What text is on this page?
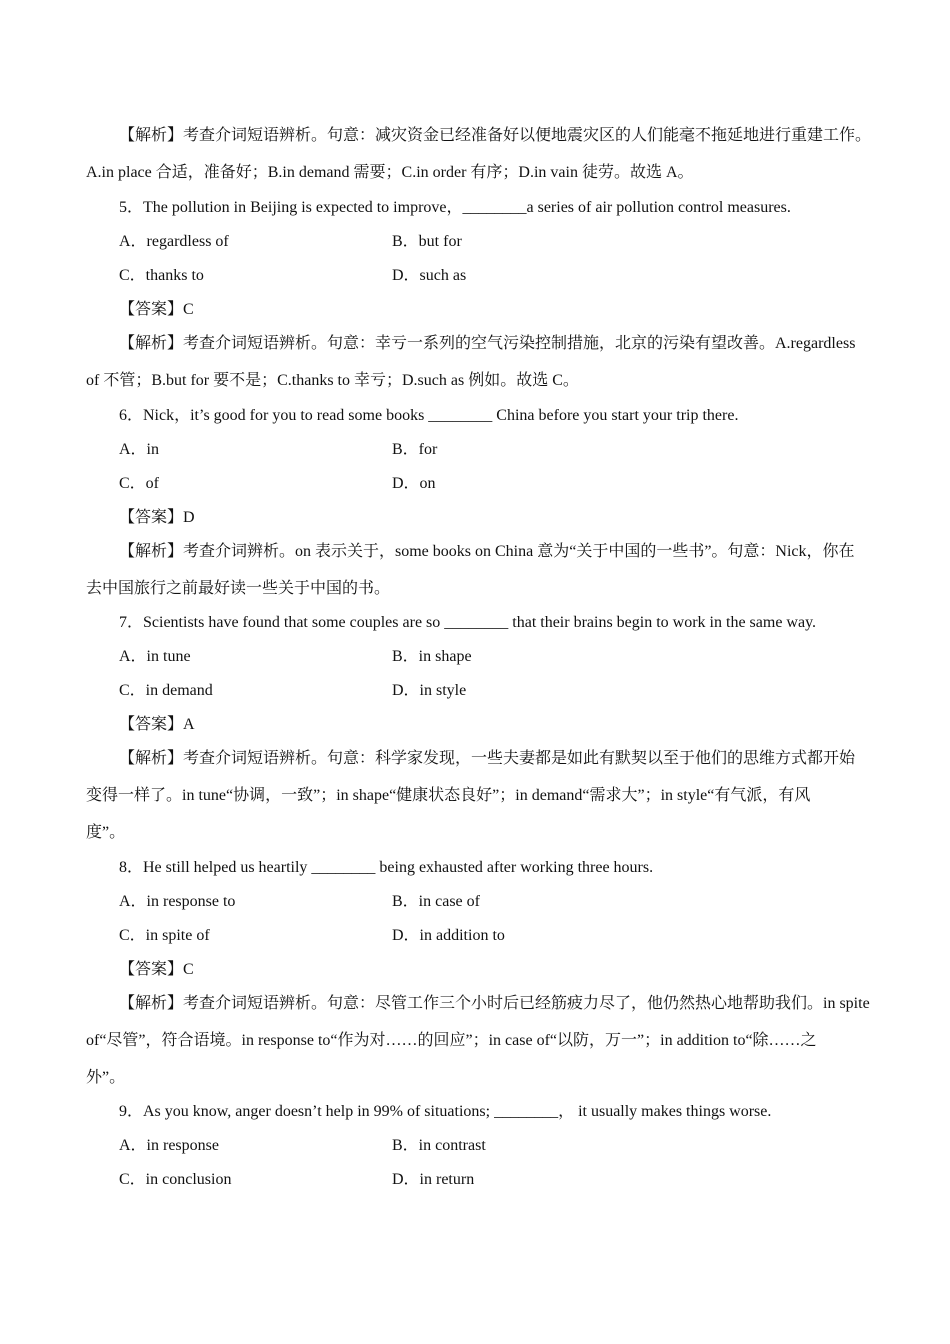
【解析】考查介词短语辨析。句意：减灾资金已经准备好以便地震灾区的人们能毫不拖延地进行重建工作。
A.in place 合适，准备好；B.in demand 需要；C.in order 有序；D.in vain 徒劳。故选 A。
5．The pollution in Beijing is expected to improve，________a series of air pollution control measures.
A．regardless of	B．but for
C．thanks to	D．such as
【答案】C
【解析】考查介词短语辨析。句意：幸亏一系列的空气污染控制措施，北京的污染有望改善。A.regardless
of 不管；B.but for 要不是；C.thanks to 幸亏；D.such as 例如。故选 C。
6．Nick，it’s good for you to read some books ________ China before you start your trip there.
A．in	B．for
C．of	D．on
【答案】D
【解析】考查介词辨析。on 表示关于，some books on China 意为“关于中国的一些书”。句意：Nick，你在
去中国旅行之前最好读一些关于中国的书。
7．Scientists have found that some couples are so ________ that their brains begin to work in the same way.
A．in tune	B．in shape
C．in demand	D．in style
【答案】A
【解析】考查介词短语辨析。句意：科学家发现，一些夫妻都是如此有默契以至于他们的思维方式都开始
变得一样了。in tune“协调，一致”；in shape“健康状态良好”；in demand“需求大”；in style“有气派，有风
度”。
8．He still helped us heartily ________ being exhausted after working three hours.
A．in response to	B．in case of
C．in spite of	D．in addition to
【答案】C
【解析】考查介词短语辨析。句意：尽管工作三个小时后已经筋疲力尽了，他仍然热心地帮助我们。in spite
of“尽管”，符合语境。in response to“作为对……的回应”；in case of“以防，万一”；in addition to“除……之
外”。
9．As you know, anger doesn’t help in 99% of situations; ________， it usually makes things worse.
A．in response	B．in contrast
C．in conclusion	D．in return
